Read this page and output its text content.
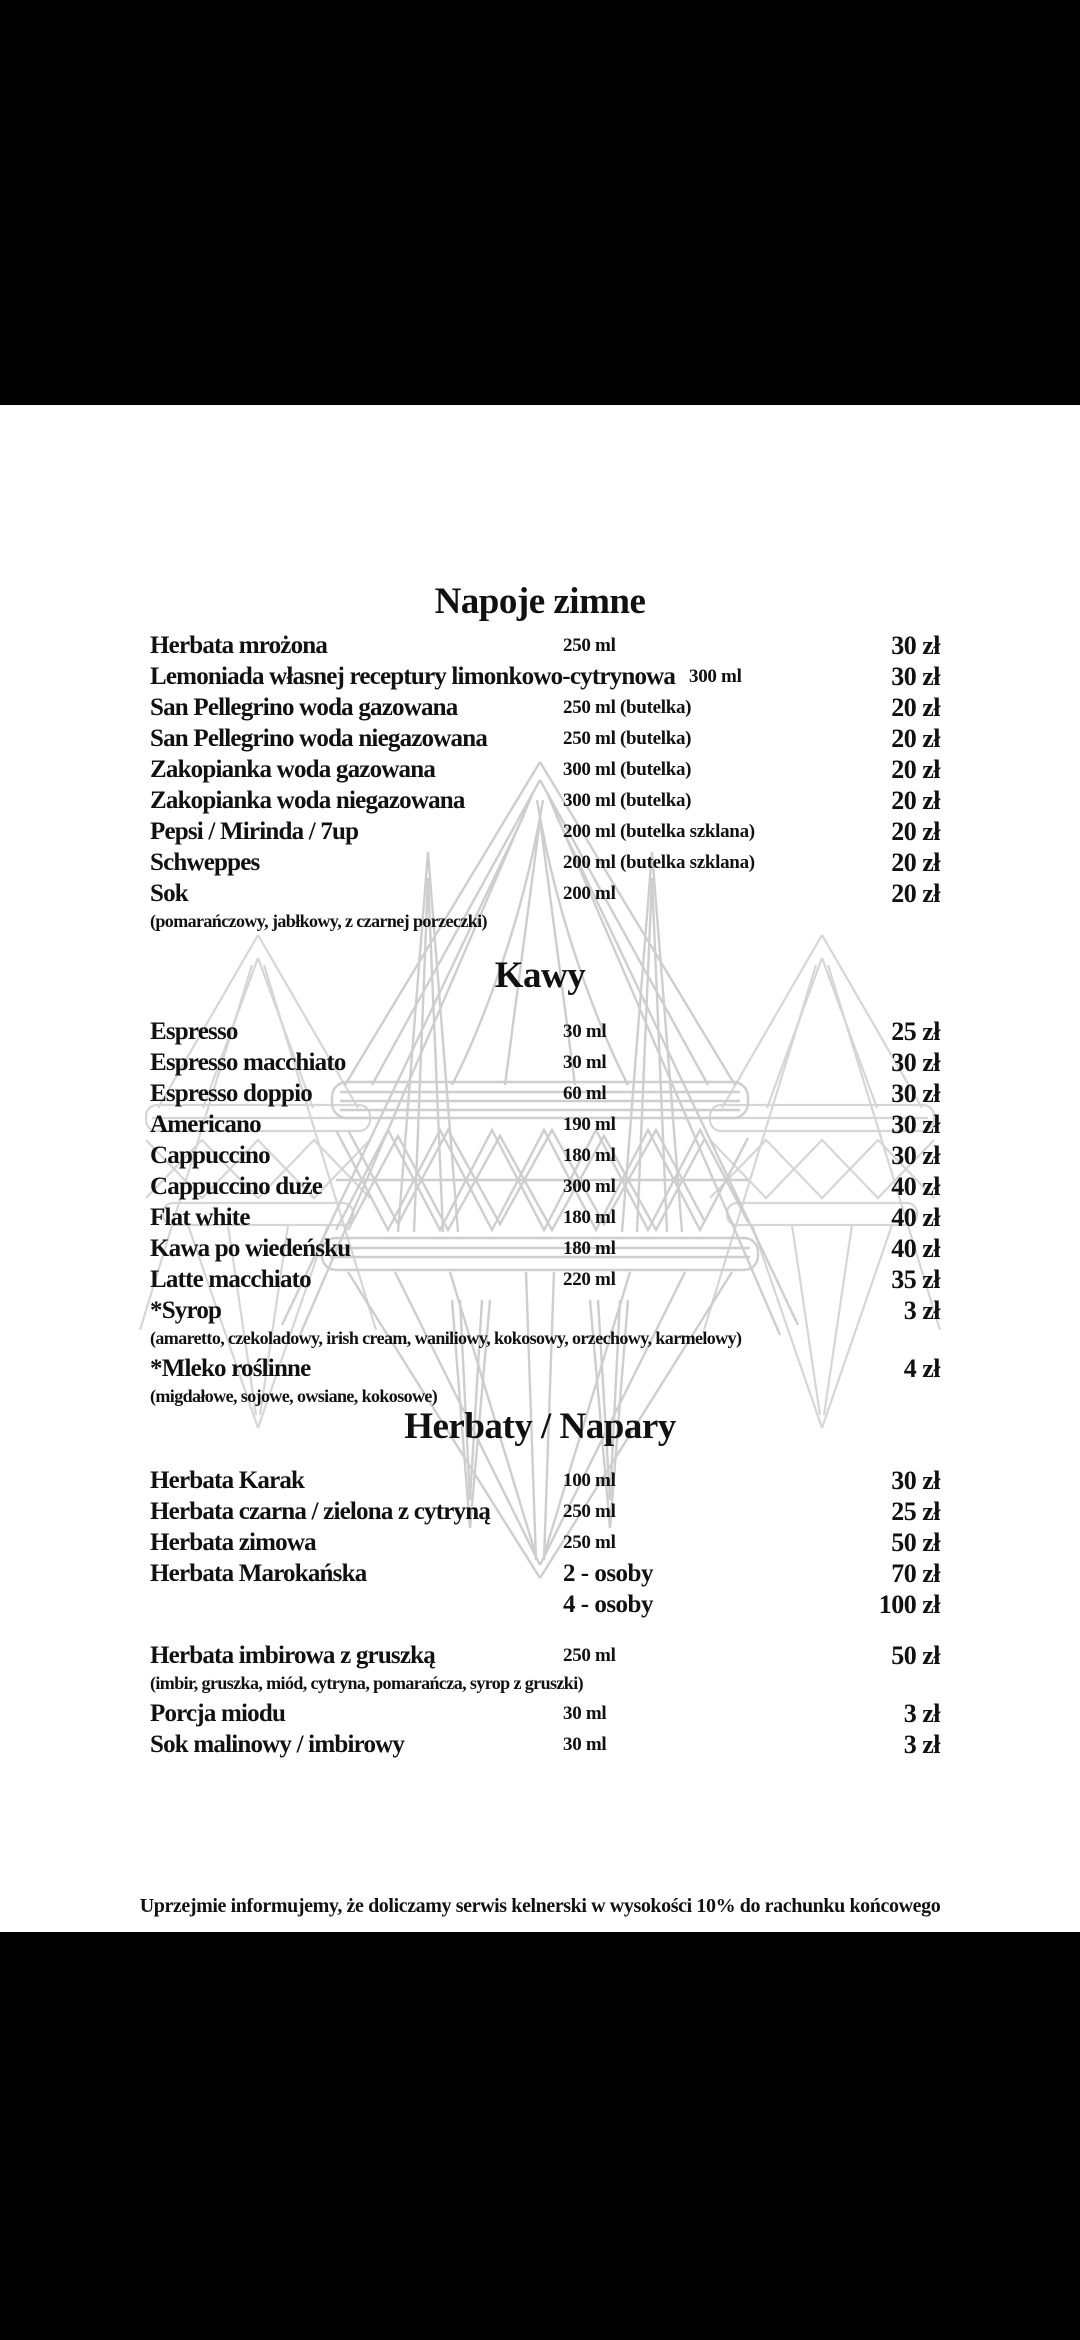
Napoje zimne
Herbata mrożona	250 ml	30 zł
Lemoniada własnej receptury limonkowo-cytrynowa 300 ml	30 zł
San Pellegrino woda gazowana	250 ml (butelka)	20 zł
San Pellegrino woda niegazowana	250 ml (butelka)	20 zł
Zakopianka woda gazowana	300 ml (butelka)	20 zł
Zakopianka woda niegazowana	300 ml (butelka)	20 zł
Pepsi / Mirinda / 7up	200 ml (butelka szklana)	20 zł
Schweppes	200 ml (butelka szklana)	20 zł
Sok	200 ml	20 zł
(pomarańczowy, jabłkowy, z czarnej porzeczki)
Kawy
Espresso	30 ml	25 zł
Espresso macchiato	30 ml	30 zł
Espresso doppio	60 ml	30 zł
Americano	190 ml	30 zł
Cappuccino	180 ml	30 zł
Cappuccino duże	300 ml	40 zł
Flat white	180 ml	40 zł
Kawa po wiedeńsku	180 ml	40 zł
Latte macchiato	220 ml	35 zł
*Syrop	3 zł
(amaretto, czekoladowy, irish cream, waniliowy, kokosowy, orzechowy, karmelowy)
*Mleko roślinne	4 zł
(migdałowe, sojowe, owsiane, kokosowe)
Herbaty / Napary
Herbata Karak	100 ml	30 zł
Herbata czarna / zielona z cytryną	250 ml	25 zł
Herbata zimowa	250 ml	50 zł
Herbata Marokańska	2 - osoby	70 zł
4 - osoby	100 zł
Herbata imbirowa z gruszką	250 ml	50 zł
(imbir, gruszka, miód, cytryna, pomarańcza, syrop z gruszki)
Porcja miodu	30 ml	3 zł
Sok malinowy / imbirowy	30 ml	3 zł
Uprzejmie informujemy, że doliczamy serwis kelnerski w wysokości 10% do rachunku końcowego
